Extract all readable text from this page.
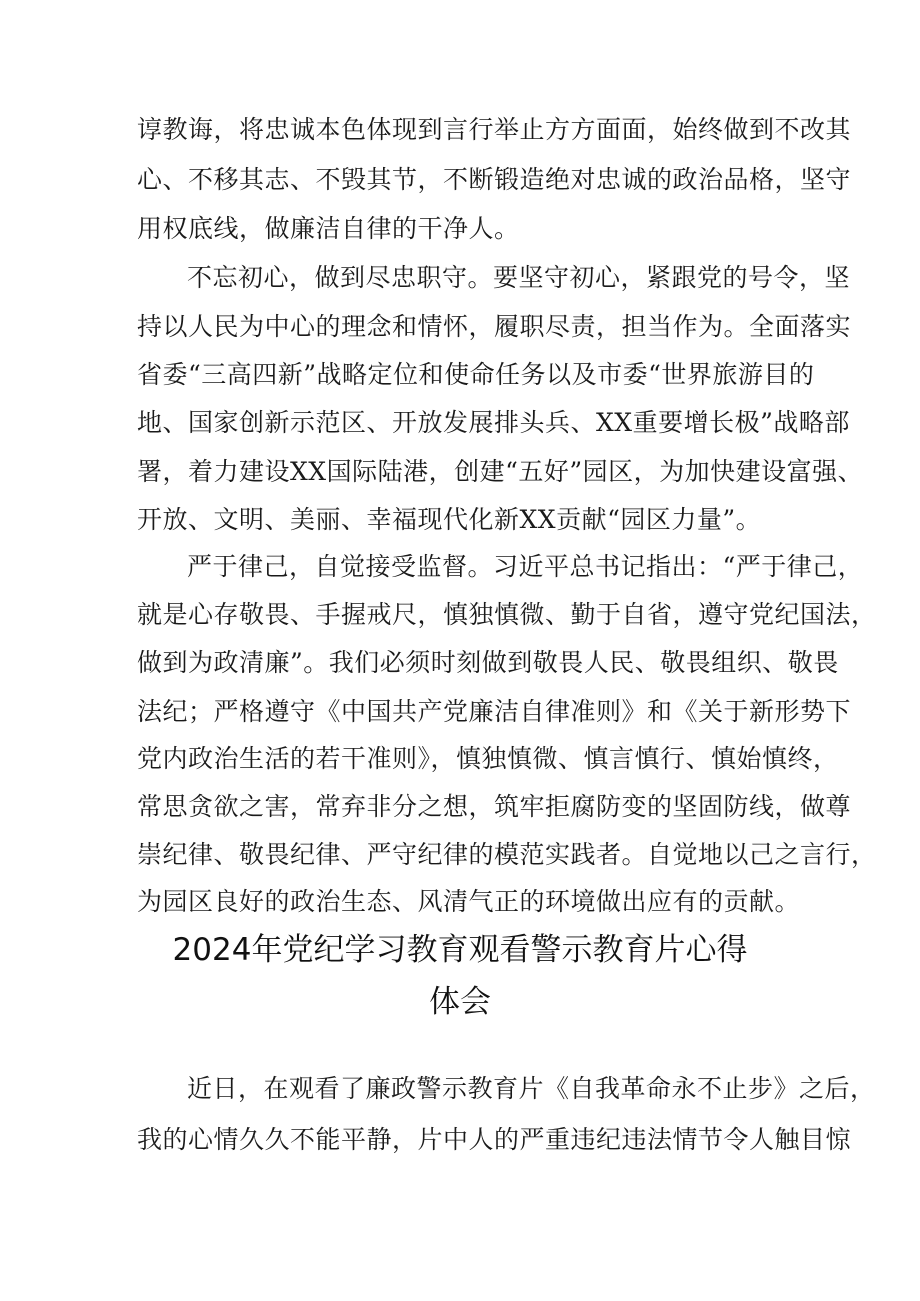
谆教诲，将忠诚本色体现到言行举止方方面面，始终做到不改其
心、不移其志、不毁其节，不断锻造绝对忠诚的政治品格，坚守
用权底线，做廉洁自律的干净人。
不忘初心，做到尽忠职守。要坚守初心，紧跟党的号令，坚
持以人民为中心的理念和情怀，履职尽责，担当作为。全面落实
省委“三高四新”战略定位和使命任务以及市委“世界旅游目的
地、国家创新示范区、开放发展排头兵、XX重要增长极”战略部
署，着力建设XX国际陆港，创建“五好”园区，为加快建设富强、
开放、文明、美丽、幸福现代化新XX贡献“园区力量”。
严于律己，自觉接受监督。习近平总书记指出：“严于律己，
就是心存敬畏、手握戒尺，慎独慎微、勤于自省，遵守党纪国法，
做到为政清廉”。我们必须时刻做到敬畏人民、敬畏组织、敬畏
法纪；严格遵守《中国共产党廉洁自律准则》和《关于新形势下
党内政治生活的若干准则》，慎独慎微、慎言慎行、慎始慎终，
常思贪欲之害，常弃非分之想，筑牢拒腐防变的坚固防线，做尊
崇纪律、敬畏纪律、严守纪律的模范实践者。自觉地以己之言行，
为园区良好的政治生态、风清气正的环境做出应有的贡献。
2024年党纪学习教育观看警示教育片心得
体会
近日，在观看了廉政警示教育片《自我革命永不止步》之后，
我的心情久久不能平静，片中人的严重违纪违法情节令人触目惊
